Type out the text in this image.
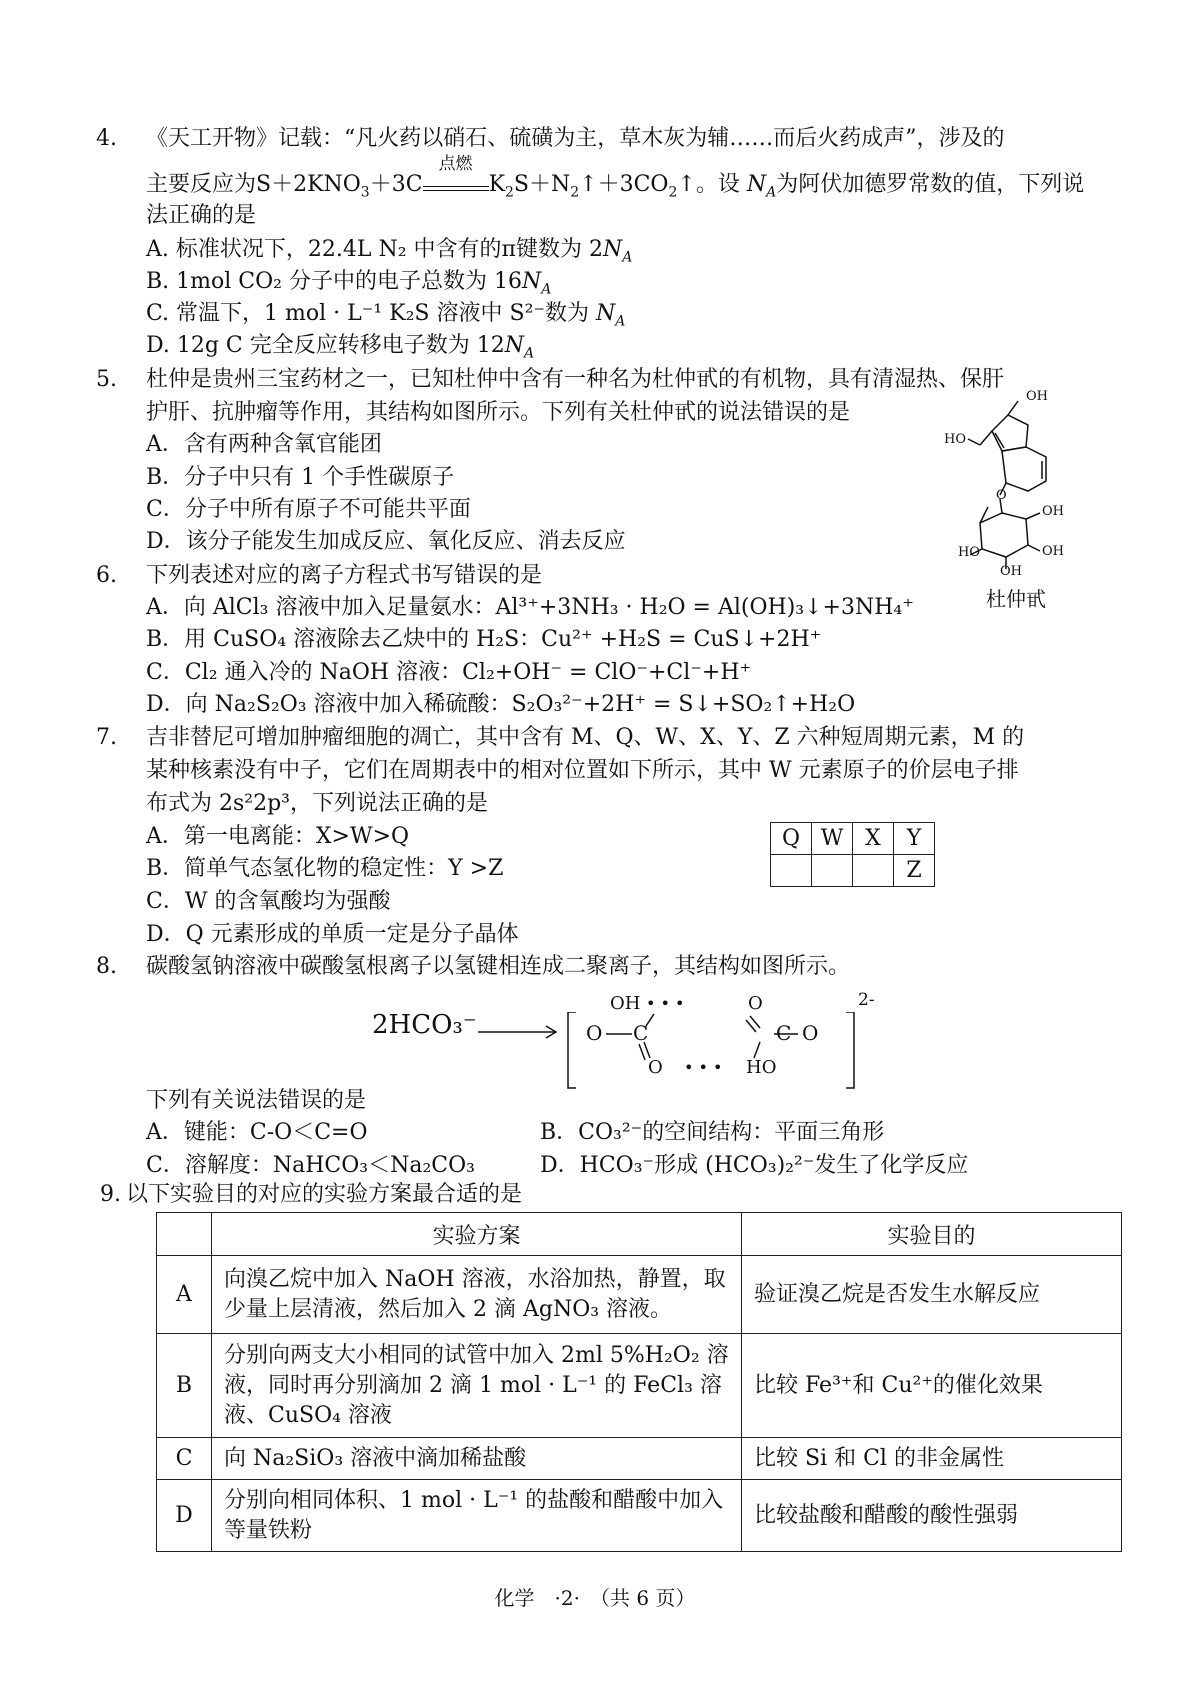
4. 《天工开物》记载：“凡火药以硝石、硫磺为主，草木灰为辅……而后火药成声”，涉及的
主要反应为$S+2KNO_3+3C$
点燃
$K_2S+N_2↑+3CO_2↑$。设 $N_A$为阿伏加德罗常数的值，下列说
法正确的是
A. 标准状况下，22.4L N₂ 中含有的π键数为 $2N_A$
B. 1mol CO₂ 分子中的电子总数为 $16N_A$
C. 常温下，1 mol · L⁻¹ K₂S 溶液中 S²⁻数为 $N_A$
D. 12g C 完全反应转移电子数为 $12N_A$
5. 杜仲是贵州三宝药材之一，已知杜仲中含有一种名为杜仲甙的有机物，具有清湿热、保肝
护肝、抗肿瘤等作用，其结构如图所示。下列有关杜仲甙的说法错误的是
A．含有两种含氧官能团
B．分子中只有 1 个手性碳原子
C．分子中所有原子不可能共平面
D．该分子能发生加成反应、氧化反应、消去反应
OH
HO
O
OH
OH
HO
OH
杜仲甙
6. 下列表述对应的离子方程式书写错误的是
A．向 AlCl₃ 溶液中加入足量氨水：Al³⁺+3NH₃ · H₂O = Al(OH)₃↓+3NH₄⁺
B．用 CuSO₄ 溶液除去乙炔中的 H₂S：Cu²⁺ +H₂S = CuS↓+2H⁺
C．Cl₂ 通入冷的 NaOH 溶液：Cl₂+OH⁻ = ClO⁻+Cl⁻+H⁺
D．向 Na₂S₂O₃ 溶液中加入稀硫酸：S₂O₃²⁻+2H⁺ = S↓+SO₂↑+H₂O
7. 吉非替尼可增加肿瘤细胞的凋亡，其中含有 M、Q、W、X、Y、Z 六种短周期元素，M 的
某种核素没有中子，它们在周期表中的相对位置如下所示，其中 W 元素原子的价层电子排
布式为 2s²2p³，下列说法正确的是
A．第一电离能：X>W>Q
B．简单气态氢化物的稳定性：Y >Z
C．W 的含氧酸均为强酸
D．Q 元素形成的单质一定是分子晶体
Q	W	X	Y
			Z
8. 碳酸氢钠溶液中碳酸氢根离子以氢键相连成二聚离子，其结构如图所示。
2HCO₃⁻
OH • • •	O
O C	C O
O • • • HO
2-
下列有关说法错误的是
A．键能：C-O＜C=O	B．CO₃²⁻的空间结构：平面三角形
C．溶解度：NaHCO₃＜Na₂CO₃	D．HCO₃⁻形成 (HCO₃)₂²⁻发生了化学反应
9. 以下实验目的对应的实验方案最合适的是
	实验方案	实验目的
A	向溴乙烷中加入 NaOH 溶液，水浴加热，静置，取少量上层清液，然后加入 2 滴 AgNO₃ 溶液。	验证溴乙烷是否发生水解反应
B	分别向两支大小相同的试管中加入 2ml 5%H₂O₂ 溶液，同时再分别滴加 2 滴 1 mol · L⁻¹ 的 FeCl₃ 溶液、CuSO₄ 溶液	比较 Fe³⁺和 Cu²⁺的催化效果
C	向 Na₂SiO₃ 溶液中滴加稀盐酸	比较 Si 和 Cl 的非金属性
D	分别向相同体积、1 mol · L⁻¹ 的盐酸和醋酸中加入等量铁粉	比较盐酸和醋酸的酸性强弱
化学　·2·　（共 6 页）
